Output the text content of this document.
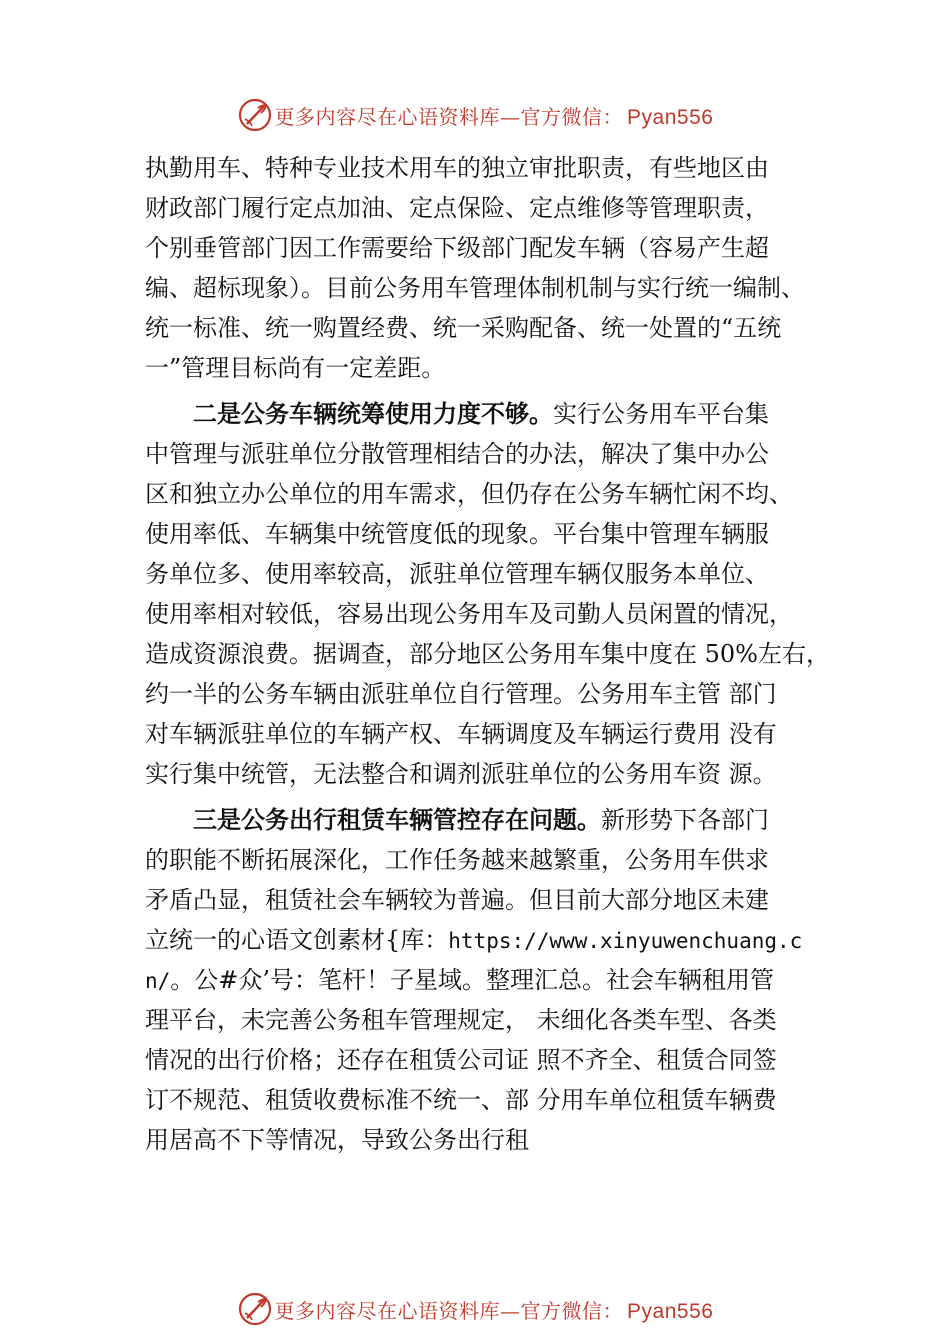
更多内容尽在心语资料库—官方微信： Pyan556
执勤用车、特种专业技术用车的独立审批职责，有些地区由
财政部门履行定点加油、定点保险、定点维修等管理职责，
个别垂管部门因工作需要给下级部门配发车辆（容易产生超
编、超标现象）。目前公务用车管理体制机制与实行统一编制、
统一标准、统一购置经费、统一采购配备、统一处置的“五统
一”管理目标尚有一定差距。
二是公务车辆统筹使用力度不够。实行公务用车平台集
中管理与派驻单位分散管理相结合的办法，解决了集中办公
区和独立办公单位的用车需求，但仍存在公务车辆忙闲不均、
使用率低、车辆集中统管度低的现象。平台集中管理车辆服
务单位多、使用率较高，派驻单位管理车辆仅服务本单位、
使用率相对较低，容易出现公务用车及司勤人员闲置的情况，
造成资源浪费。据调查，部分地区公务用车集中度在 50%左右，
约一半的公务车辆由派驻单位自行管理。公务用车主管 部门
对车辆派驻单位的车辆产权、车辆调度及车辆运行费用 没有
实行集中统管，无法整合和调剂派驻单位的公务用车资 源。
三是公务出行租赁车辆管控存在问题。新形势下各部门
的职能不断拓展深化，工作任务越来越繁重，公务用车供求
矛盾凸显，租赁社会车辆较为普遍。但目前大部分地区未建
立统一的心语文创素材{库：https://www.xinyuwenchuang.c
n/。公#众’号：笔杆！子星域。整理汇总。社会车辆租用管
理平台，未完善公务租车管理规定， 未细化各类车型、各类
情况的出行价格；还存在租赁公司证 照不齐全、租赁合同签
订不规范、租赁收费标准不统一、部 分用车单位租赁车辆费
用居高不下等情况，导致公务出行租
更多内容尽在心语资料库—官方微信： Pyan556
